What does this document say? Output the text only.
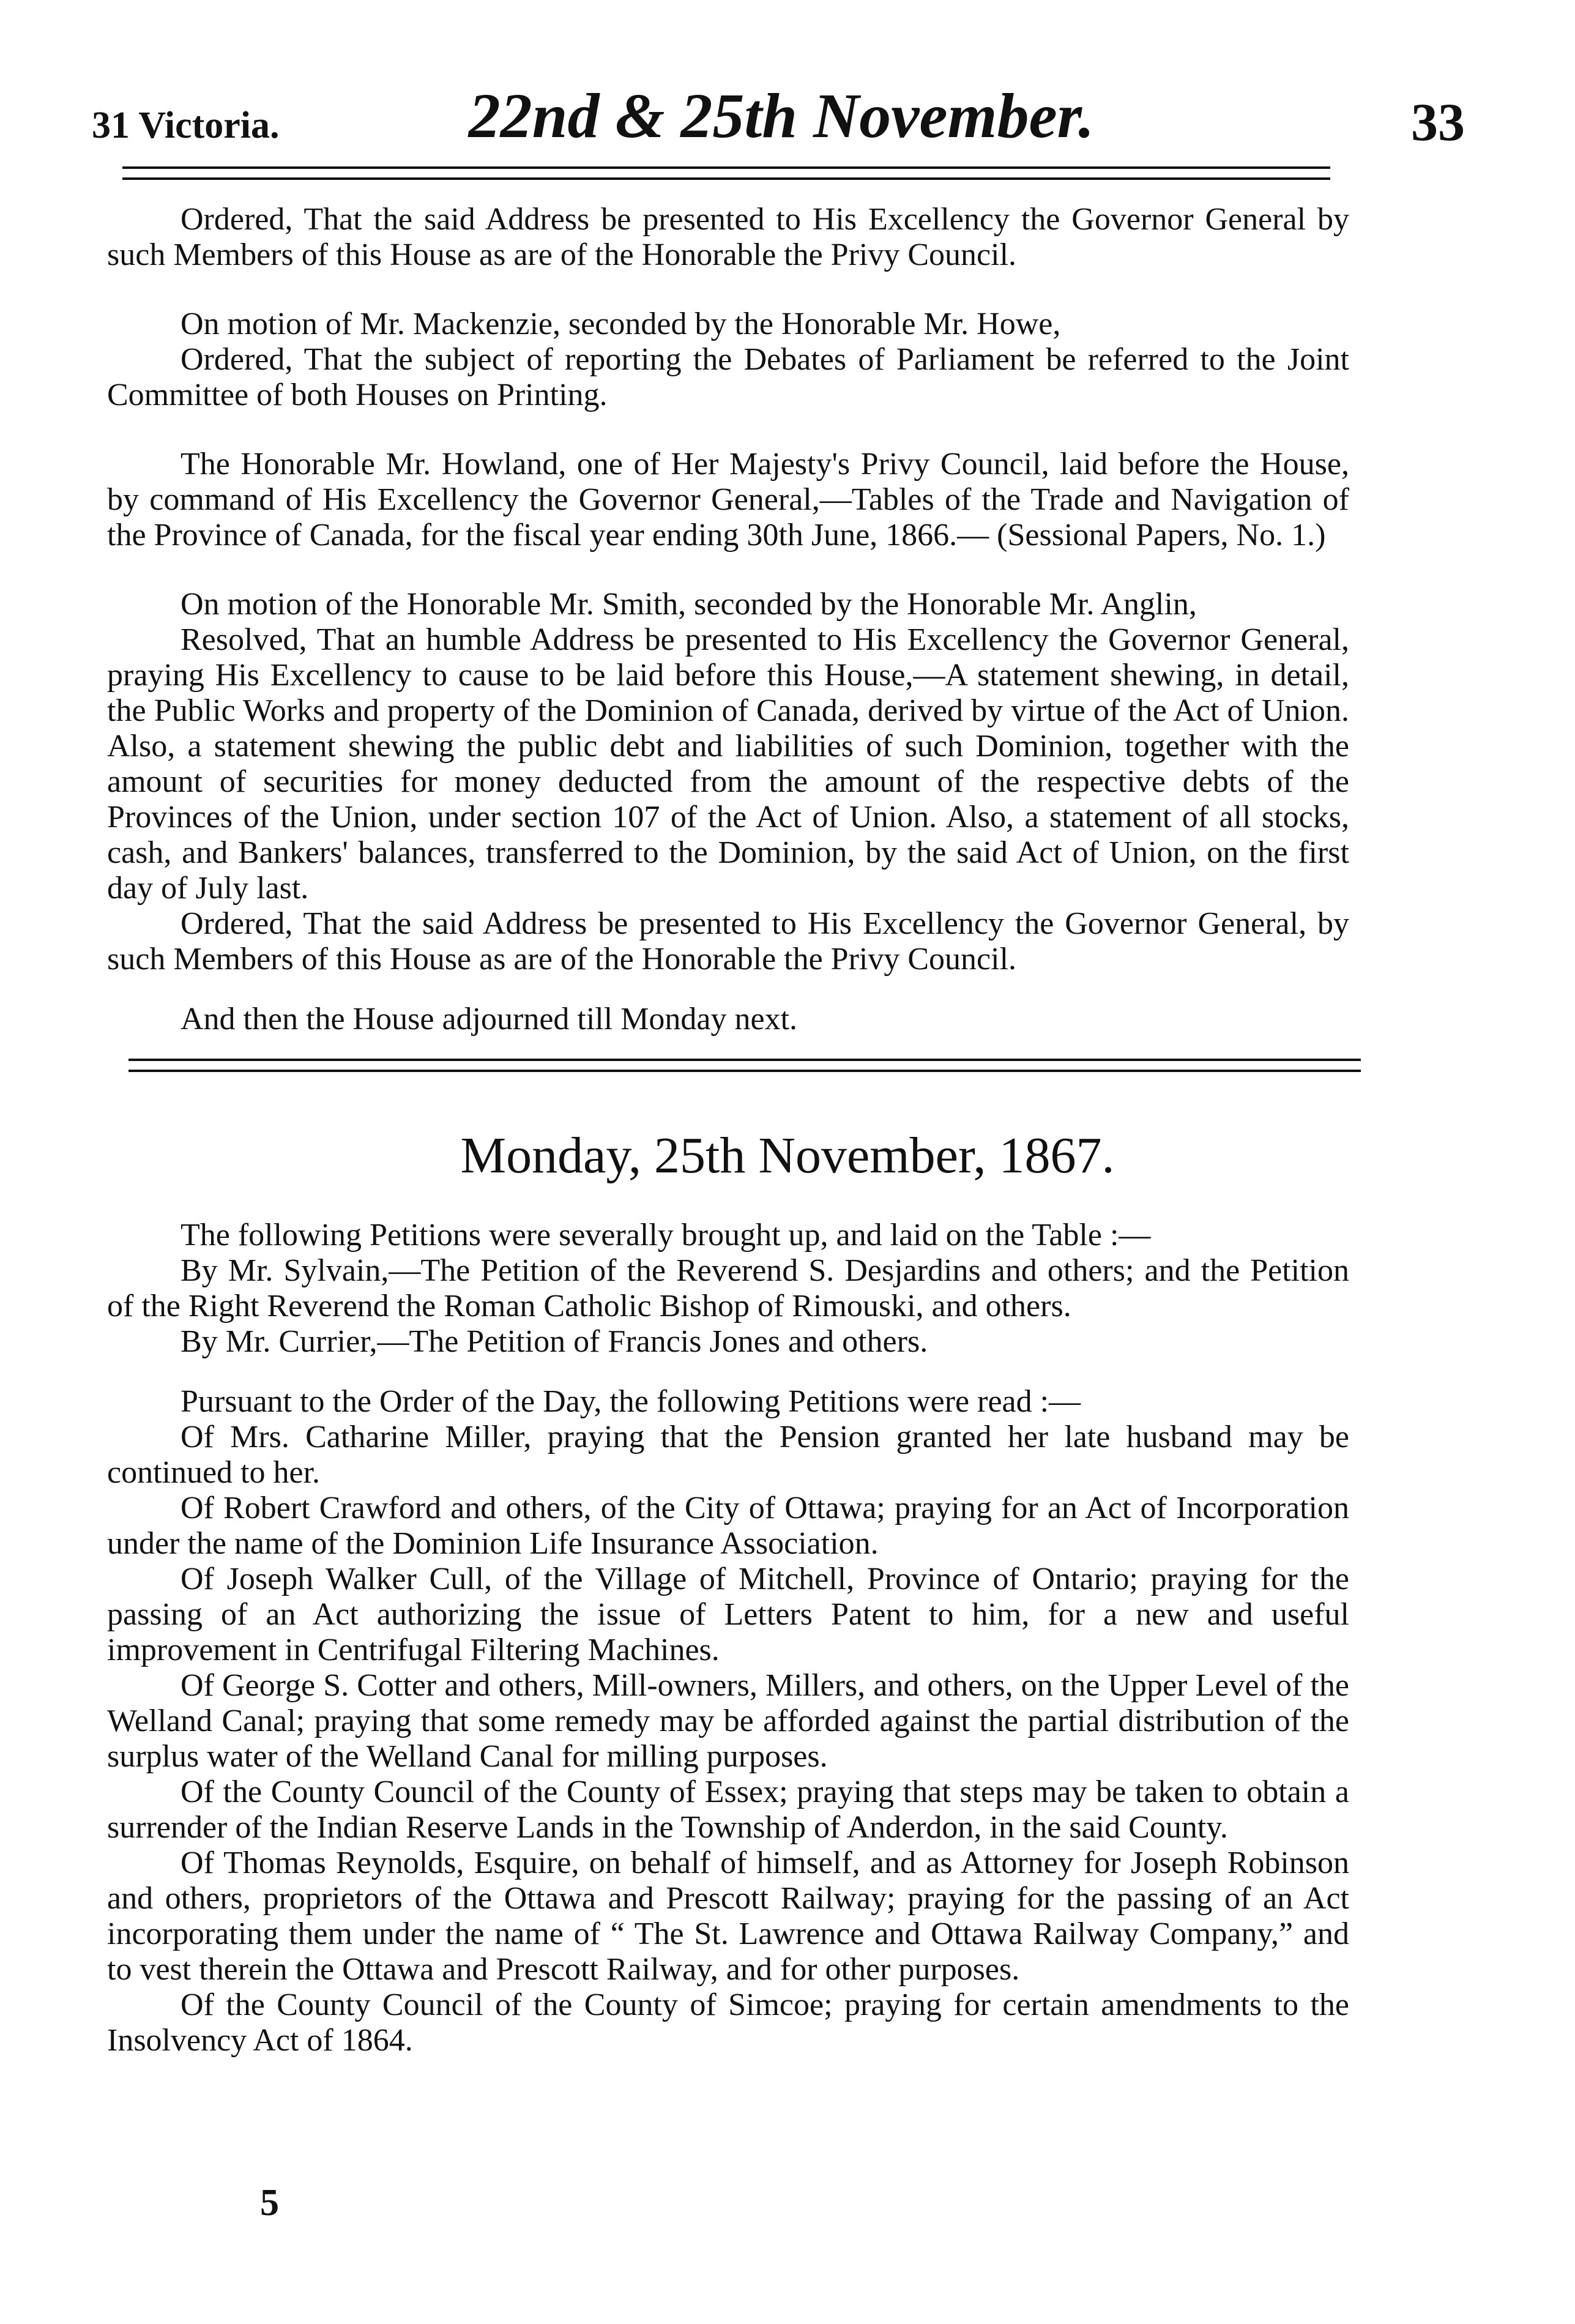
31 Victoria.	22nd & 25th November.	33

Ordered, That the said Address be presented to His Excellency the Governor General by such Members of this House as are of the Honorable the Privy Council.

On motion of Mr. Mackenzie, seconded by the Honorable Mr. Howe,

Ordered, That the subject of reporting the Debates of Parliament be referred to the Joint Committee of both Houses on Printing.

The Honorable Mr. Howland, one of Her Majesty's Privy Council, laid before the House, by command of His Excellency the Governor General,—Tables of the Trade and Navigation of the Province of Canada, for the fiscal year ending 30th June, 1866.— (Sessional Papers, No. 1.)

On motion of the Honorable Mr. Smith, seconded by the Honorable Mr. Anglin,

Resolved, That an humble Address be presented to His Excellency the Governor General, praying His Excellency to cause to be laid before this House,—A statement shewing, in detail, the Public Works and property of the Dominion of Canada, derived by virtue of the Act of Union. Also, a statement shewing the public debt and liabilities of such Dominion, together with the amount of securities for money deducted from the amount of the respective debts of the Provinces of the Union, under section 107 of the Act of Union. Also, a statement of all stocks, cash, and Bankers' balances, transferred to the Dominion, by the said Act of Union, on the first day of July last.

Ordered, That the said Address be presented to His Excellency the Governor General, by such Members of this House as are of the Honorable the Privy Council.

And then the House adjourned till Monday next.

Monday, 25th November, 1867.

The following Petitions were severally brought up, and laid on the Table :—

By Mr. Sylvain,—The Petition of the Reverend S. Desjardins and others; and the Petition of the Right Reverend the Roman Catholic Bishop of Rimouski, and others.

By Mr. Currier,—The Petition of Francis Jones and others.

Pursuant to the Order of the Day, the following Petitions were read :—

Of Mrs. Catharine Miller, praying that the Pension granted her late husband may be continued to her.

Of Robert Crawford and others, of the City of Ottawa; praying for an Act of Incorporation under the name of the Dominion Life Insurance Association.

Of Joseph Walker Cull, of the Village of Mitchell, Province of Ontario; praying for the passing of an Act authorizing the issue of Letters Patent to him, for a new and useful improvement in Centrifugal Filtering Machines.

Of George S. Cotter and others, Mill-owners, Millers, and others, on the Upper Level of the Welland Canal; praying that some remedy may be afforded against the partial distribution of the surplus water of the Welland Canal for milling purposes.

Of the County Council of the County of Essex; praying that steps may be taken to obtain a surrender of the Indian Reserve Lands in the Township of Anderdon, in the said County.

Of Thomas Reynolds, Esquire, on behalf of himself, and as Attorney for Joseph Robinson and others, proprietors of the Ottawa and Prescott Railway; praying for the passing of an Act incorporating them under the name of “ The St. Lawrence and Ottawa Railway Company,” and to vest therein the Ottawa and Prescott Railway, and for other purposes.

Of the County Council of the County of Simcoe; praying for certain amendments to the Insolvency Act of 1864.

5
